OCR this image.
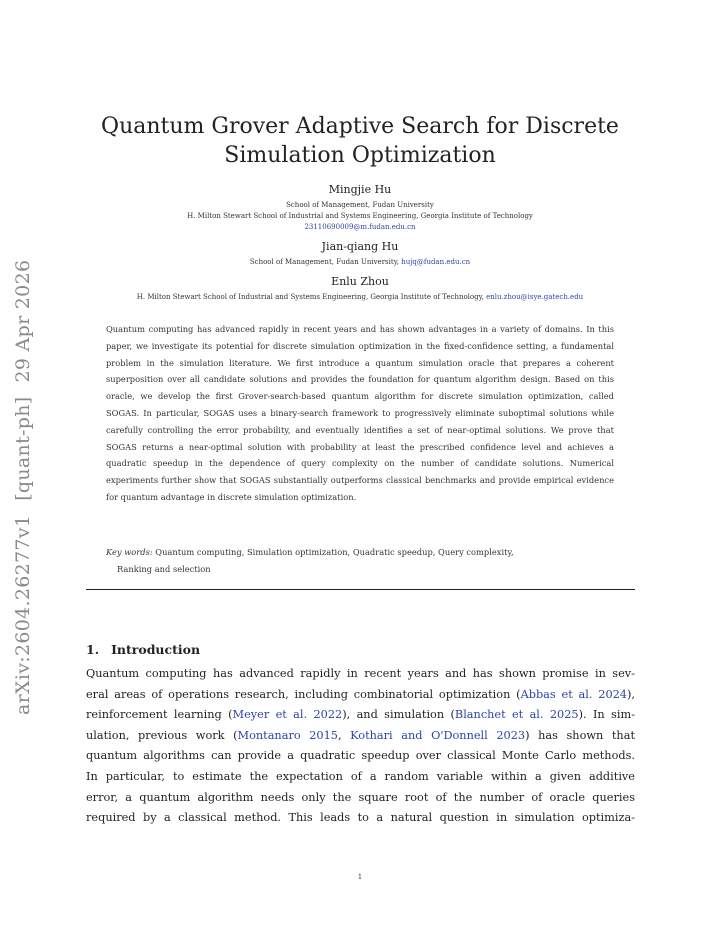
arXiv:2604.26277v1[quant-ph]29 Apr 2026
Quantum Grover Adaptive Search for Discrete
Simulation Optimization
Mingjie Hu
School of Management, Fudan University
H. Milton Stewart School of Industrial and Systems Engineering, Georgia Institute of Technology
23110690009@m.fudan.edu.cn
Jian-qiang Hu
School of Management, Fudan University, hujq@fudan.edu.cn
Enlu Zhou
H. Milton Stewart School of Industrial and Systems Engineering, Georgia Institute of Technology, enlu.zhou@isye.gatech.edu
Quantum computing has advanced rapidly in recent years and has shown advantages in a variety of domains. In this paper, we investigate its potential for discrete simulation optimization in the fixed-confidence setting, a fundamental problem in the simulation literature. We first introduce a quantum simulation oracle that prepares a coherent superposition over all candidate solutions and provides the foundation for quantum algorithm design. Based on this oracle, we develop the first Grover-search-based quantum algorithm for discrete simulation optimization, called SOGAS. In particular, SOGAS uses a binary-search framework to progressively eliminate suboptimal solutions while carefully controlling the error probability, and eventually identifies a set of near-optimal solutions. We prove that SOGAS returns a near-optimal solution with probability at least the prescribed confidence level and achieves a quadratic speedup in the dependence of query complexity on the number of candidate solutions. Numerical experiments further show that SOGAS substantially outperforms classical benchmarks and provide empirical evidence for quantum advantage in discrete simulation optimization.
Key words: Quantum computing, Simulation optimization, Quadratic speedup, Query complexity,
Ranking and selection
1. Introduction
Quantum computing has advanced rapidly in recent years and has shown promise in sev-
eral areas of operations research, including combinatorial optimization (Abbas et al. 2024),
reinforcement learning (Meyer et al. 2022), and simulation (Blanchet et al. 2025). In sim-
ulation, previous work (Montanaro 2015, Kothari and O'Donnell 2023) has shown that
quantum algorithms can provide a quadratic speedup over classical Monte Carlo methods.
In particular, to estimate the expectation of a random variable within a given additive
error, a quantum algorithm needs only the square root of the number of oracle queries
required by a classical method. This leads to a natural question in simulation optimiza-
1
